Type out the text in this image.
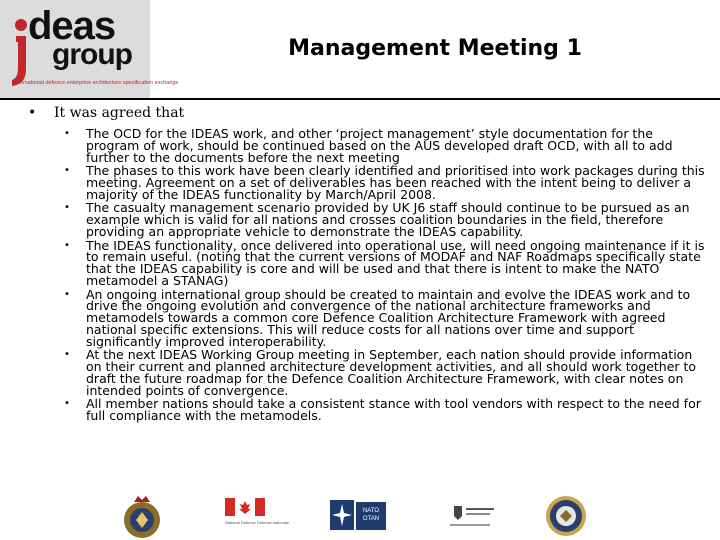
deas
group
international defence enterprise architecture specification exchange
Management Meeting 1
•	It was agreed that
•	The OCD for the IDEAS work, and other ‘project management’ style documentation for the program of work, should be continued based on the AUS developed draft OCD, with all to add further to the documents before the next meeting
•	The phases to this work have been clearly identified and prioritised into work packages during this meeting. Agreement on a set of deliverables has been reached with the intent being to deliver a majority of the IDEAS functionality by March/April 2008.
•	The casualty management scenario provided by UK J6 staff should continue to be pursued as an example which is valid for all nations and crosses coalition boundaries in the field, therefore providing an appropriate vehicle to demonstrate the IDEAS capability.
•	The IDEAS functionality, once delivered into operational use, will need ongoing maintenance if it is to remain useful. (noting that the current versions of MODAF and NAF Roadmaps specifically state that the IDEAS capability is core and will be used and that there is intent to make the NATO metamodel a STANAG)
•	An ongoing international group should be created to maintain and evolve the IDEAS work and to drive the ongoing evolution and convergence of the national architecture frameworks and metamodels towards a common core Defence Coalition Architecture Framework with agreed national specific extensions. This will reduce costs for all nations over time and support significantly improved interoperability.
•	At the next IDEAS Working Group meeting in September, each nation should provide information on their current and planned architecture development activities, and all should work together to draft the future roadmap for the Defence Coalition Architecture Framework, with clear notes on intended points of convergence.
•	All member nations should take a consistent stance with tool vendors with respect to the need for full compliance with the metamodels.
National Defence Défense nationale
NATO
OTAN
